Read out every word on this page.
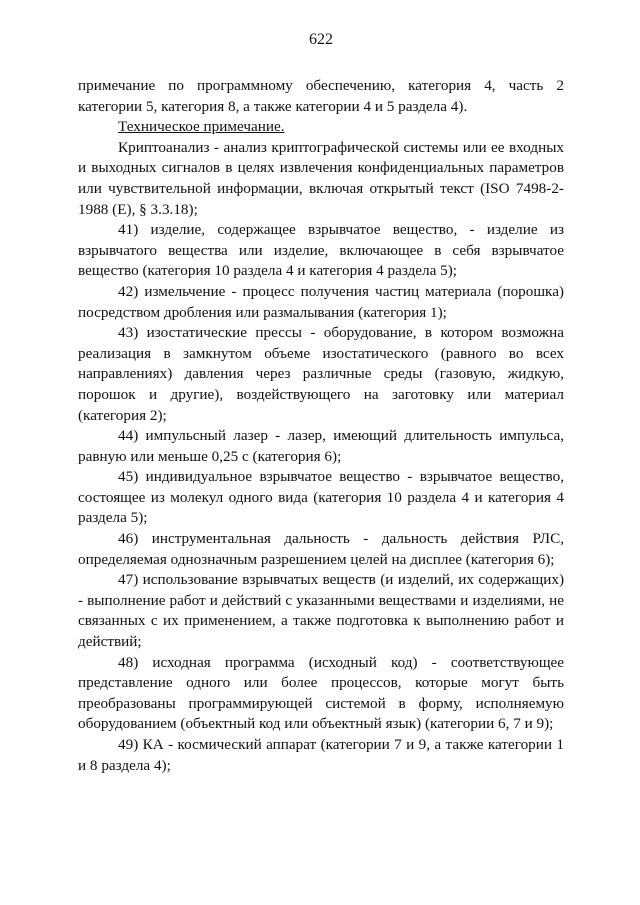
622

примечание по программному обеспечению, категория 4, часть 2 категории 5, категория 8, а также категории 4 и 5 раздела 4).

Техническое примечание.

Криптоанализ - анализ криптографической системы или ее входных и выходных сигналов в целях извлечения конфиденциальных параметров или чувствительной информации, включая открытый текст (ISO 7498-2-1988 (E), § 3.3.18);

41) изделие, содержащее взрывчатое вещество, - изделие из взрывчатого вещества или изделие, включающее в себя взрывчатое вещество (категория 10 раздела 4 и категория 4 раздела 5);

42) измельчение - процесс получения частиц материала (порошка) посредством дробления или размалывания (категория 1);

43) изостатические прессы - оборудование, в котором возможна реализация в замкнутом объеме изостатического (равного во всех направлениях) давления через различные среды (газовую, жидкую, порошок и другие), воздействующего на заготовку или материал (категория 2);

44) импульсный лазер - лазер, имеющий длительность импульса, равную или меньше 0,25 с (категория 6);

45) индивидуальное взрывчатое вещество - взрывчатое вещество, состоящее из молекул одного вида (категория 10 раздела 4 и категория 4 раздела 5);

46) инструментальная дальность - дальность действия РЛС, определяемая однозначным разрешением целей на дисплее (категория 6);

47) использование взрывчатых веществ (и изделий, их содержащих) - выполнение работ и действий с указанными веществами и изделиями, не связанных с их применением, а также подготовка к выполнению работ и действий;

48) исходная программа (исходный код) - соответствующее представление одного или более процессов, которые могут быть преобразованы программирующей системой в форму, исполняемую оборудованием (объектный код или объектный язык) (категории 6, 7 и 9);

49) КА - космический аппарат (категории 7 и 9, а также категории 1 и 8 раздела 4);
